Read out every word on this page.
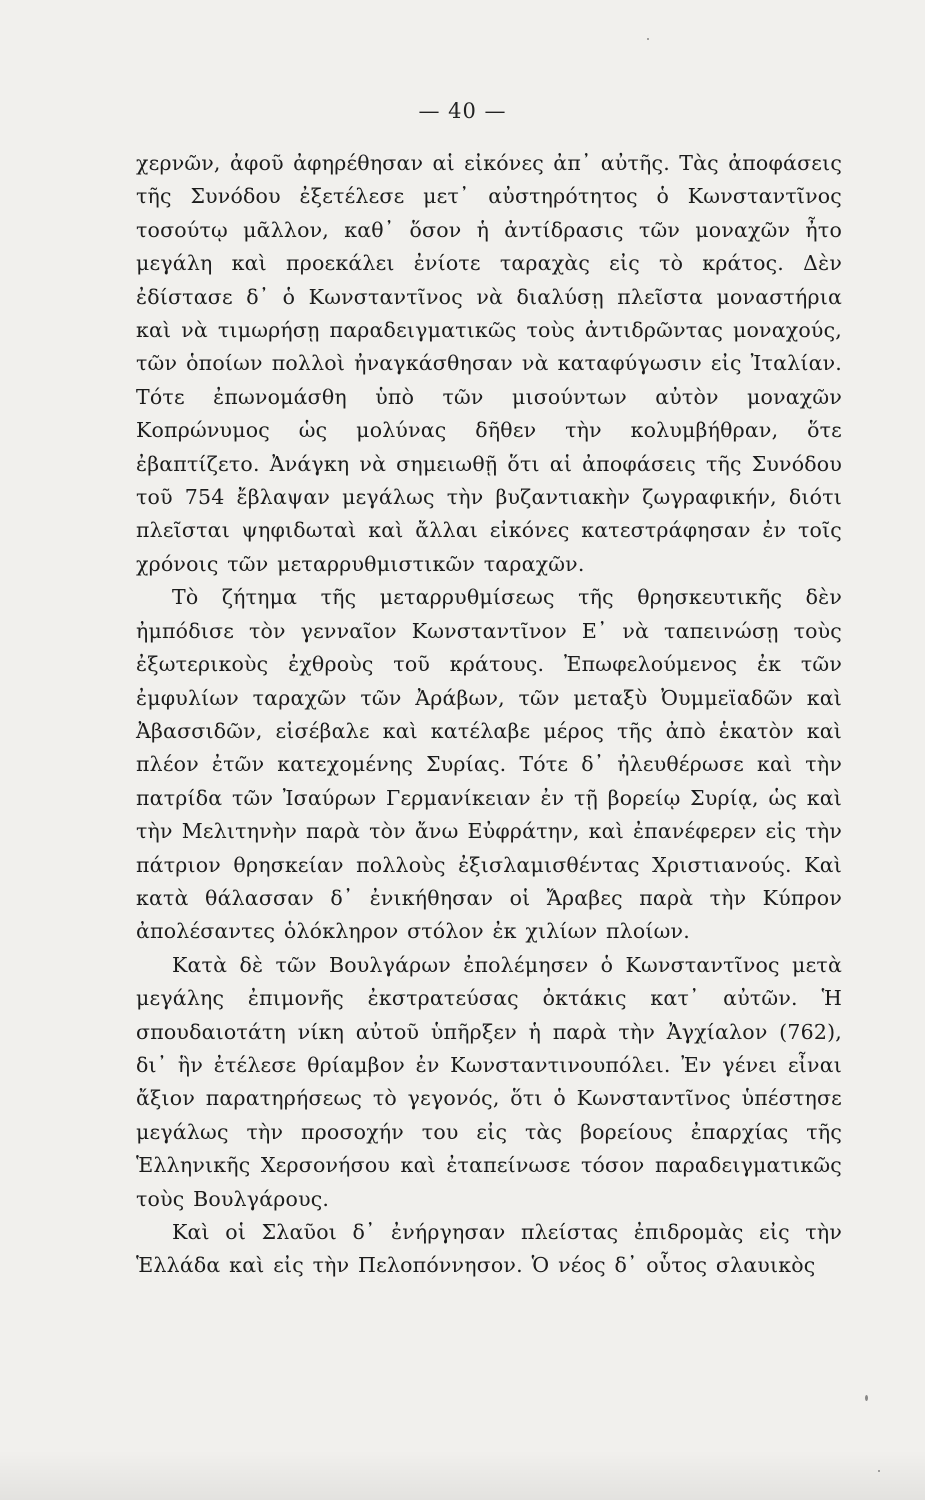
— 40 —

χερνῶν, ἀφοῦ ἀφηρέθησαν αἱ εἰκόνες ἀπ᾽ αὐτῆς. Τὰς ἀποφάσεις τῆς Συνόδου ἐξετέλεσε μετ᾽ αὐστηρότητος ὁ Κωνσταντῖνος τοσούτῳ μᾶλλον, καθ᾽ ὅσον ἡ ἀντίδρασις τῶν μοναχῶν ἦτο μεγάλη καὶ προεκάλει ἐνίοτε ταραχὰς εἰς τὸ κράτος. Δὲν ἐδίστασε δ᾽ ὁ Κωνσταντῖνος νὰ διαλύσῃ πλεῖστα μοναστήρια καὶ νὰ τιμωρήσῃ παραδειγματικῶς τοὺς ἀντιδρῶντας μοναχούς, τῶν ὁποίων πολλοὶ ἠναγκάσθησαν νὰ καταφύγωσιν εἰς Ἰταλίαν. Τότε ἐπωνομάσθη ὑπὸ τῶν μισούντων αὐτὸν μοναχῶν Κοπρώνυμος ὡς μολύνας δῆθεν τὴν κολυμβήθραν, ὅτε ἐβαπτίζετο. Ἀνάγκη νὰ σημειωθῇ ὅτι αἱ ἀποφάσεις τῆς Συνόδου τοῦ 754 ἔβλαψαν μεγάλως τὴν βυζαντιακὴν ζωγραφικήν, διότι πλεῖσται ψηφιδωταὶ καὶ ἄλλαι εἰκόνες κατεστράφησαν ἐν τοῖς χρόνοις τῶν μεταρρυθμιστικῶν ταραχῶν.

Τὸ ζήτημα τῆς μεταρρυθμίσεως τῆς θρησκευτικῆς δὲν ἠμπόδισε τὸν γενναῖον Κωνσταντῖνον Ε᾽ νὰ ταπεινώσῃ τοὺς ἐξωτερικοὺς ἐχθροὺς τοῦ κράτους. Ἐπωφελούμενος ἐκ τῶν ἐμφυλίων ταραχῶν τῶν Ἀράβων, τῶν μεταξὺ Ὀυμμεϊαδῶν καὶ Ἀβασσιδῶν, εἰσέβαλε καὶ κατέλαβε μέρος τῆς ἀπὸ ἑκατὸν καὶ πλέον ἐτῶν κατεχομένης Συρίας. Τότε δ᾽ ἠλευθέρωσε καὶ τὴν πατρίδα τῶν Ἰσαύρων Γερμανίκειαν ἐν τῇ βορείῳ Συρίᾳ, ὡς καὶ τὴν Μελιτηνὴν παρὰ τὸν ἄνω Εὐφράτην, καὶ ἐπανέφερεν εἰς τὴν πάτριον θρησκείαν πολλοὺς ἐξισλαμισθέντας Χριστιανούς. Καὶ κατὰ θάλασσαν δ᾽ ἐνικήθησαν οἱ Ἄραβες παρὰ τὴν Κύπρον ἀπολέσαντες ὁλόκληρον στόλον ἐκ χιλίων πλοίων.

Κατὰ δὲ τῶν Βουλγάρων ἐπολέμησεν ὁ Κωνσταντῖνος μετὰ μεγάλης ἐπιμονῆς ἐκστρατεύσας ὀκτάκις κατ᾽ αὐτῶν. Ἡ σπουδαιοτάτη νίκη αὐτοῦ ὑπῆρξεν ἡ παρὰ τὴν Ἀγχίαλον (762), δι᾽ ἣν ἐτέλεσε θρίαμβον ἐν Κωνσταντινουπόλει. Ἐν γένει εἶναι ἄξιον παρατηρήσεως τὸ γεγονός, ὅτι ὁ Κωνσταντῖνος ὑπέστησε μεγάλως τὴν προσοχήν του εἰς τὰς βορείους ἐπαρχίας τῆς Ἑλληνικῆς Χερσονήσου καὶ ἐταπείνωσε τόσον παραδειγματικῶς τοὺς Βουλγάρους.

Καὶ οἱ Σλαῦοι δ᾽ ἐνήργησαν πλείστας ἐπιδρομὰς εἰς τὴν Ἑλλάδα καὶ εἰς τὴν Πελοπόννησον. Ὁ νέος δ᾽ οὗτος σλαυικὸς
